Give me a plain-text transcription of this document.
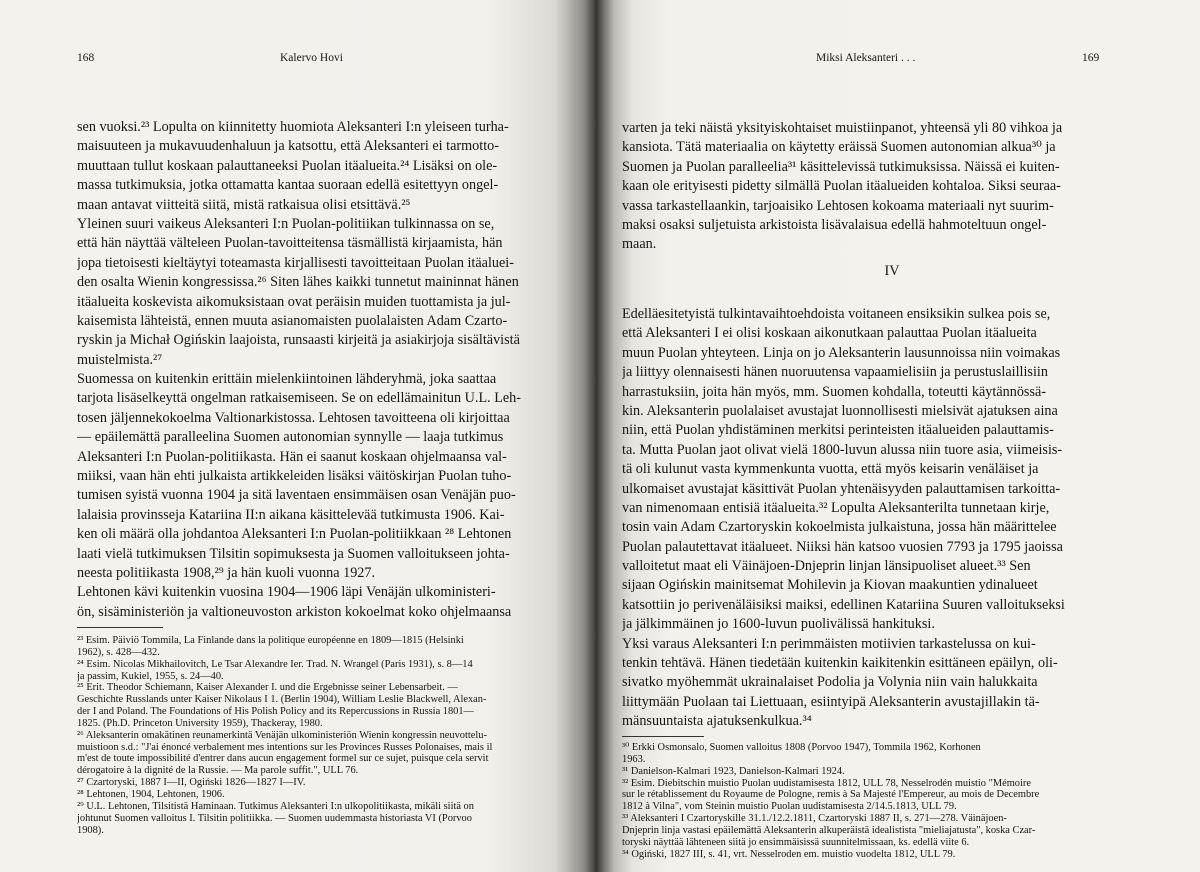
168	Kalervo Hovi
sen vuoksi.²³ Lopulta on kiinnitetty huomiota Aleksanteri I:n yleiseen turha-
maisuuteen ja mukavuudenhaluun ja katsottu, että Aleksanteri ei tarmotto-
muuttaan tullut koskaan palauttaneeksi Puolan itäalueita.²⁴ Lisäksi on ole-
massa tutkimuksia, jotka ottamatta kantaa suoraan edellä esitettyyn ongel-
maan antavat viitteitä siitä, mistä ratkaisua olisi etsittävä.²⁵
Yleinen suuri vaikeus Aleksanteri I:n Puolan-politiikan tulkinnassa on se,
että hän näyttää välteleen Puolan-tavoitteitensa täsmällistä kirjaamista, hän
jopa tietoisesti kieltäytyi toteamasta kirjallisesti tavoitteitaan Puolan itäaluei-
den osalta Wienin kongressissa.²⁶ Siten lähes kaikki tunnetut maininnat hänen
itäalueita koskevista aikomuksistaan ovat peräisin muiden tuottamista ja jul-
kaisemista lähteistä, ennen muuta asianomaisten puolalaisten Adam Czarto-
ryskin ja Michał Ogińskin laajoista, runsaasti kirjeitä ja asiakirjoja sisältävistä
muistelmista.²⁷
Suomessa on kuitenkin erittäin mielenkiintoinen lähderyhmä, joka saattaa
tarjota lisäselkeyttä ongelman ratkaisemiseen. Se on edellämainitun U.L. Leh-
tosen jäljennekokoelma Valtionarkistossa. Lehtosen tavoitteena oli kirjoittaa
— epäilemättä paralleelina Suomen autonomian synnylle — laaja tutkimus
Aleksanteri I:n Puolan-politiikasta. Hän ei saanut koskaan ohjelmaansa val-
miiksi, vaan hän ehti julkaista artikkeleiden lisäksi väitöskirjan Puolan tuho-
tumisen syistä vuonna 1904 ja sitä laventaen ensimmäisen osan Venäjän puo-
lalaisia provinsseja Katariina II:n aikana käsittelevää tutkimusta 1906. Kai-
ken oli määrä olla johdantoa Aleksanteri I:n Puolan-politiikkaan ²⁸ Lehtonen
laati vielä tutkimuksen Tilsitin sopimuksesta ja Suomen valloitukseen johta-
neesta politiikasta 1908,²⁹ ja hän kuoli vuonna 1927.
Lehtonen kävi kuitenkin vuosina 1904—1906 läpi Venäjän ulkoministeri-
ön, sisäministeriön ja valtioneuvoston arkiston kokoelmat koko ohjelmaansa
²³ Esim. Päiviö Tommila, La Finlande dans la politique européenne en 1809—1815 (Helsinki
1962), s. 428—432.
²⁴ Esim. Nicolas Mikhailovitch, Le Tsar Alexandre Ier. Trad. N. Wrangel (Paris 1931), s. 8—14
ja passim, Kukiel, 1955, s. 24—40.
²⁵ Erit. Theodor Schiemann, Kaiser Alexander I. und die Ergebnisse seiner Lebensarbeit. —
Geschichte Russlands unter Kaiser Nikolaus I 1. (Berlin 1904), William Leslie Blackwell, Alexan-
der I and Poland. The Foundations of His Polish Policy and its Repercussions in Russia 1801—
1825. (Ph.D. Princeton University 1959), Thackeray, 1980.
²⁶ Aleksanterin omakätinen reunamerkintä Venäjän ulkoministeriön Wienin kongressin neuvottelu-
muistioon s.d.: "J'ai énoncé verbalement mes intentions sur les Provinces Russes Polonaises, mais il
m'est de toute impossibilité d'entrer dans aucun engagement formel sur ce sujet, puisque cela servit
dérogatoire à la dignité de la Russie. — Ma parole suffit.", ULL 76.
²⁷ Czartoryski, 1887 I—II, Ogiński 1826—1827 I—IV.
²⁸ Lehtonen, 1904, Lehtonen, 1906.
²⁹ U.L. Lehtonen, Tilsitistä Haminaan. Tutkimus Aleksanteri I:n ulkopolitiikasta, mikäli siitä on
johtunut Suomen valloitus I. Tilsitin politiikka. — Suomen uudemmasta historiasta VI (Porvoo
1908).
Miksi Aleksanteri . . .	169
varten ja teki näistä yksityiskohtaiset muistiinpanot, yhteensä yli 80 vihkoa ja
kansiota. Tätä materiaalia on käytetty eräissä Suomen autonomian alkua³⁰ ja
Suomen ja Puolan paralleelia³¹ käsittelevissä tutkimuksissa. Näissä ei kuiten-
kaan ole erityisesti pidetty silmällä Puolan itäalueiden kohtaloa. Siksi seuraa-
vassa tarkastellaankin, tarjoaisiko Lehtosen kokoama materiaali nyt suurim-
maksi osaksi suljetuista arkistoista lisävalaisua edellä hahmoteltuun ongel-
maan.
IV
Edelläesitetyistä tulkintavaihtoehdoista voitaneen ensiksikin sulkea pois se,
että Aleksanteri I ei olisi koskaan aikonutkaan palauttaa Puolan itäalueita
muun Puolan yhteyteen. Linja on jo Aleksanterin lausunnoissa niin voimakas
ja liittyy olennaisesti hänen nuoruutensa vapaamielisiin ja perustuslaillisiin
harrastuksiin, joita hän myös, mm. Suomen kohdalla, toteutti käytännössä-
kin. Aleksanterin puolalaiset avustajat luonnollisesti mielsivät ajatuksen aina
niin, että Puolan yhdistäminen merkitsi perinteisten itäalueiden palauttamis-
ta. Mutta Puolan jaot olivat vielä 1800-luvun alussa niin tuore asia, viimeisis-
tä oli kulunut vasta kymmenkunta vuotta, että myös keisarin venäläiset ja
ulkomaiset avustajat käsittivät Puolan yhtenäisyyden palauttamisen tarkoitta-
van nimenomaan entisiä itäalueita.³² Lopulta Aleksanterilta tunnetaan kirje,
tosin vain Adam Czartoryskin kokoelmista julkaistuna, jossa hän määrittelee
Puolan palautettavat itäalueet. Niiksi hän katsoo vuosien 7793 ja 1795 jaoissa
valloitetut maat eli Väinäjoen-Dnjeprin linjan länsipuoliset alueet.³³ Sen
sijaan Ogińskin mainitsemat Mohilevin ja Kiovan maakuntien ydinalueet
katsottiin jo perivenäläisiksi maiksi, edellinen Katariina Suuren valloitukseksi
ja jälkimmäinen jo 1600-luvun puolivälissä hankituksi.
Yksi varaus Aleksanteri I:n perimmäisten motiivien tarkastelussa on kui-
tenkin tehtävä. Hänen tiedetään kuitenkin kaikitenkin esittäneen epäilyn, oli-
sivatko myöhemmät ukrainalaiset Podolia ja Volynia niin vain halukkaita
liittymään Puolaan tai Liettuaan, esiintyipä Aleksanterin avustajillakin tä-
mänsuuntaista ajatuksenkulkua.³⁴
³⁰ Erkki Osmonsalo, Suomen valloitus 1808 (Porvoo 1947), Tommila 1962, Korhonen
1963.
³¹ Danielson-Kalmari 1923, Danielson-Kalmari 1924.
³² Esim. Diebitschin muistio Puolan uudistamisesta 1812, ULL 78, Nesselrodén muistio "Mémoire
sur le rétablissement du Royaume de Pologne, remis à Sa Majesté l'Empereur, au mois de Decembre
1812 à Vilna", vom Steinin muistio Puolan uudistamisesta 2/14.5.1813, ULL 79.
³³ Aleksanteri I Czartoryskille 31.1./12.2.1811, Czartoryski 1887 II, s. 271—278. Väinäjoen-
Dnjeprin linja vastasi epäilemättä Aleksanterin alkuperäistä idealistista "mieliajatusta", koska Czar-
toryski näyttää lähteneen siitä jo ensimmäisissä suunnitelmissaan, ks. edellä viite 6.
³⁴ Ogiński, 1827 III, s. 41, vrt. Nesselroden em. muistio vuodelta 1812, ULL 79.
